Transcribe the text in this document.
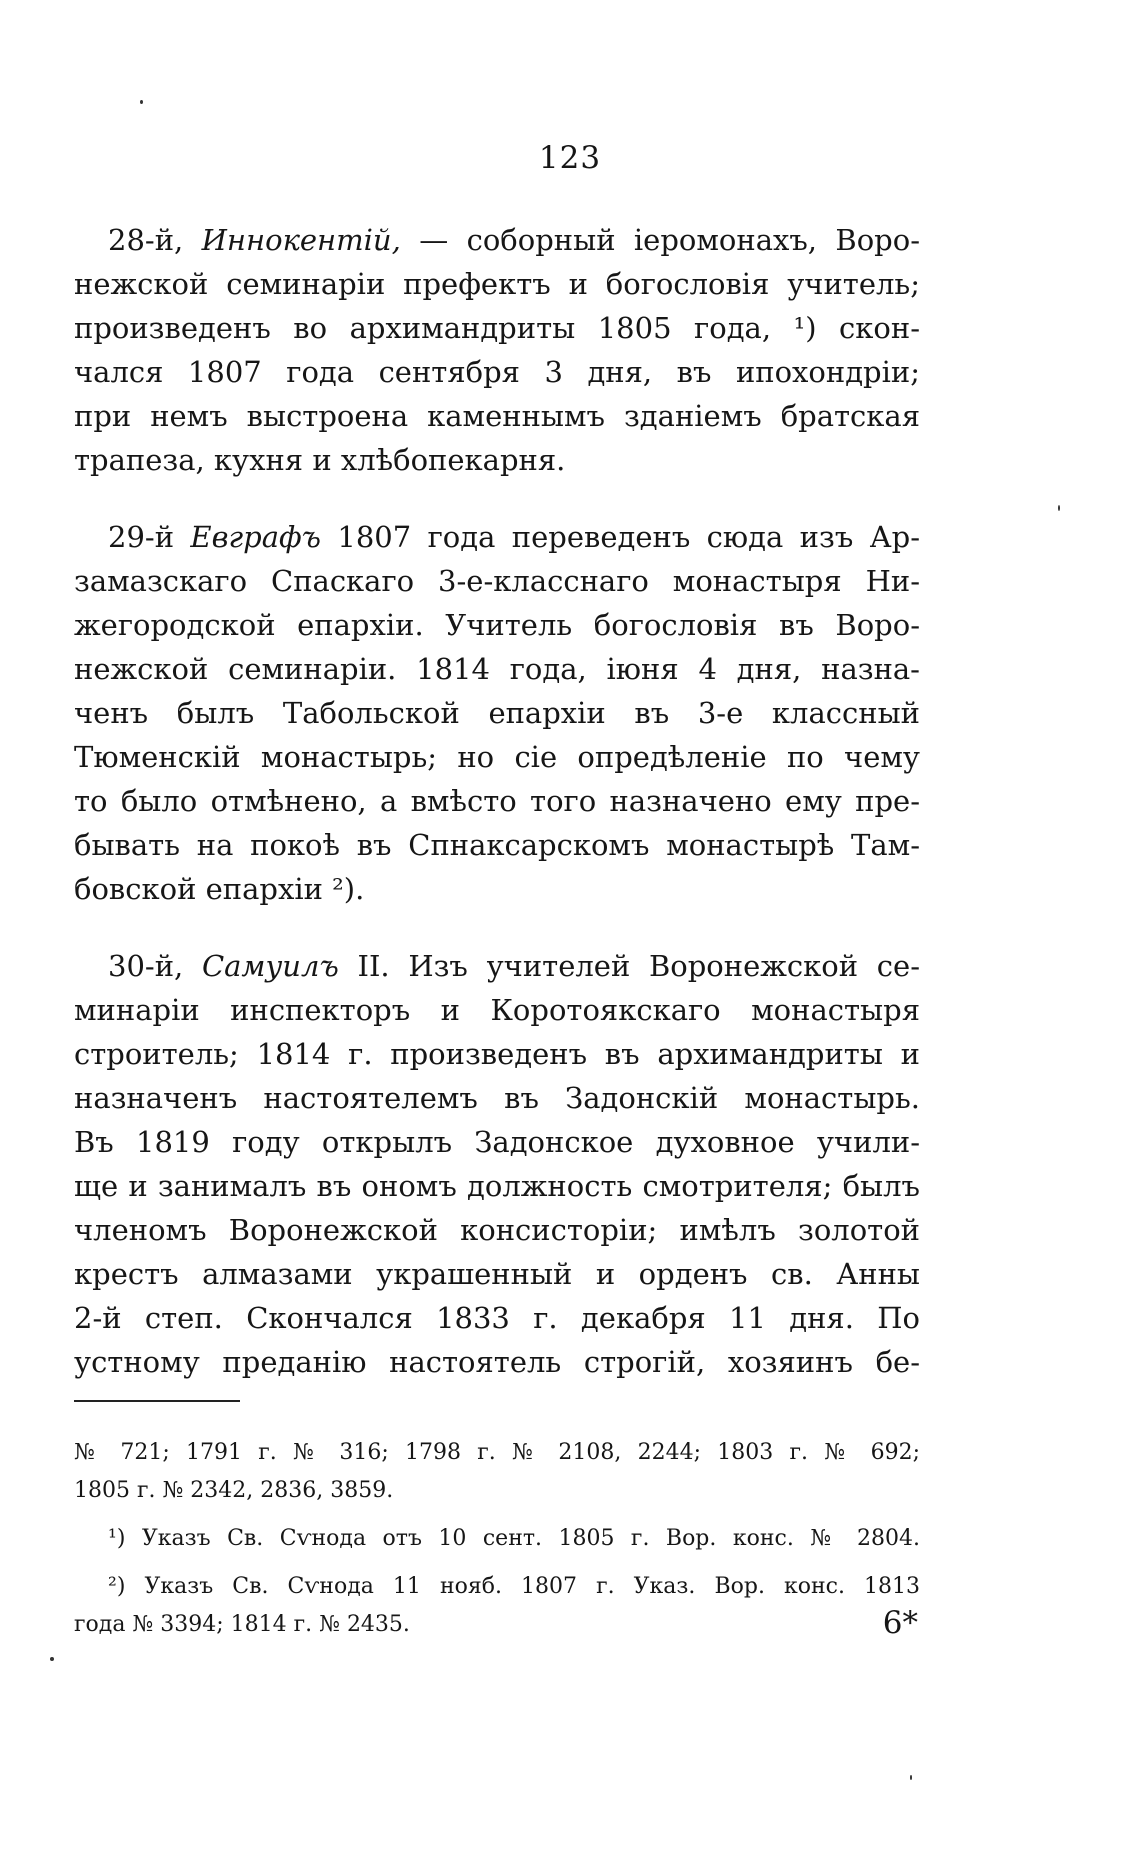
123
28-й, Иннокентій, — соборный іеромонахъ, Воро-
нежской семинаріи префектъ и богословія учитель;
произведенъ во архимандриты 1805 года, ¹) скон-
чался 1807 года сентября 3 дня, въ ипохондріи;
при немъ выстроена каменнымъ зданіемъ братская
трапеза, кухня и хлѣбопекарня.
29-й Евграфъ 1807 года переведенъ сюда изъ Ар-
замазскаго Спаскаго 3-е-класснаго монастыря Ни-
жегородской епархіи. Учитель богословія въ Воро-
нежской семинаріи. 1814 года, іюня 4 дня, назна-
ченъ былъ Табольской епархіи въ 3-е классный
Тюменскій монастырь; но сіе опредѣленіе по чему
то было отмѣнено, а вмѣсто того назначено ему пре-
бывать на покоѣ въ Спнаксарскомъ монастырѣ Там-
бовской епархіи ²).
30-й, Самуилъ II. Изъ учителей Воронежской се-
минаріи инспекторъ и Коротоякскаго монастыря
строитель; 1814 г. произведенъ въ архимандриты и
назначенъ настоятелемъ въ Задонскій монастырь.
Въ 1819 году открылъ Задонское духовное учили-
ще и занималъ въ ономъ должность смотрителя; былъ
членомъ Воронежской консисторіи; имѣлъ золотой
крестъ алмазами украшенный и орденъ св. Анны
2-й степ. Скончался 1833 г. декабря 11 дня. По
устному преданію настоятель строгій, хозяинъ бе-
№ 721; 1791 г. № 316; 1798 г. № 2108, 2244; 1803 г. № 692;
1805 г. № 2342, 2836, 3859.
¹) Указъ Св. Сѵнода отъ 10 сент. 1805 г. Вор. конс. № 2804.
²) Указъ Св. Сѵнода 11 нояб. 1807 г. Указ. Вор. конс. 1813
года № 3394; 1814 г. № 2435.	6*
